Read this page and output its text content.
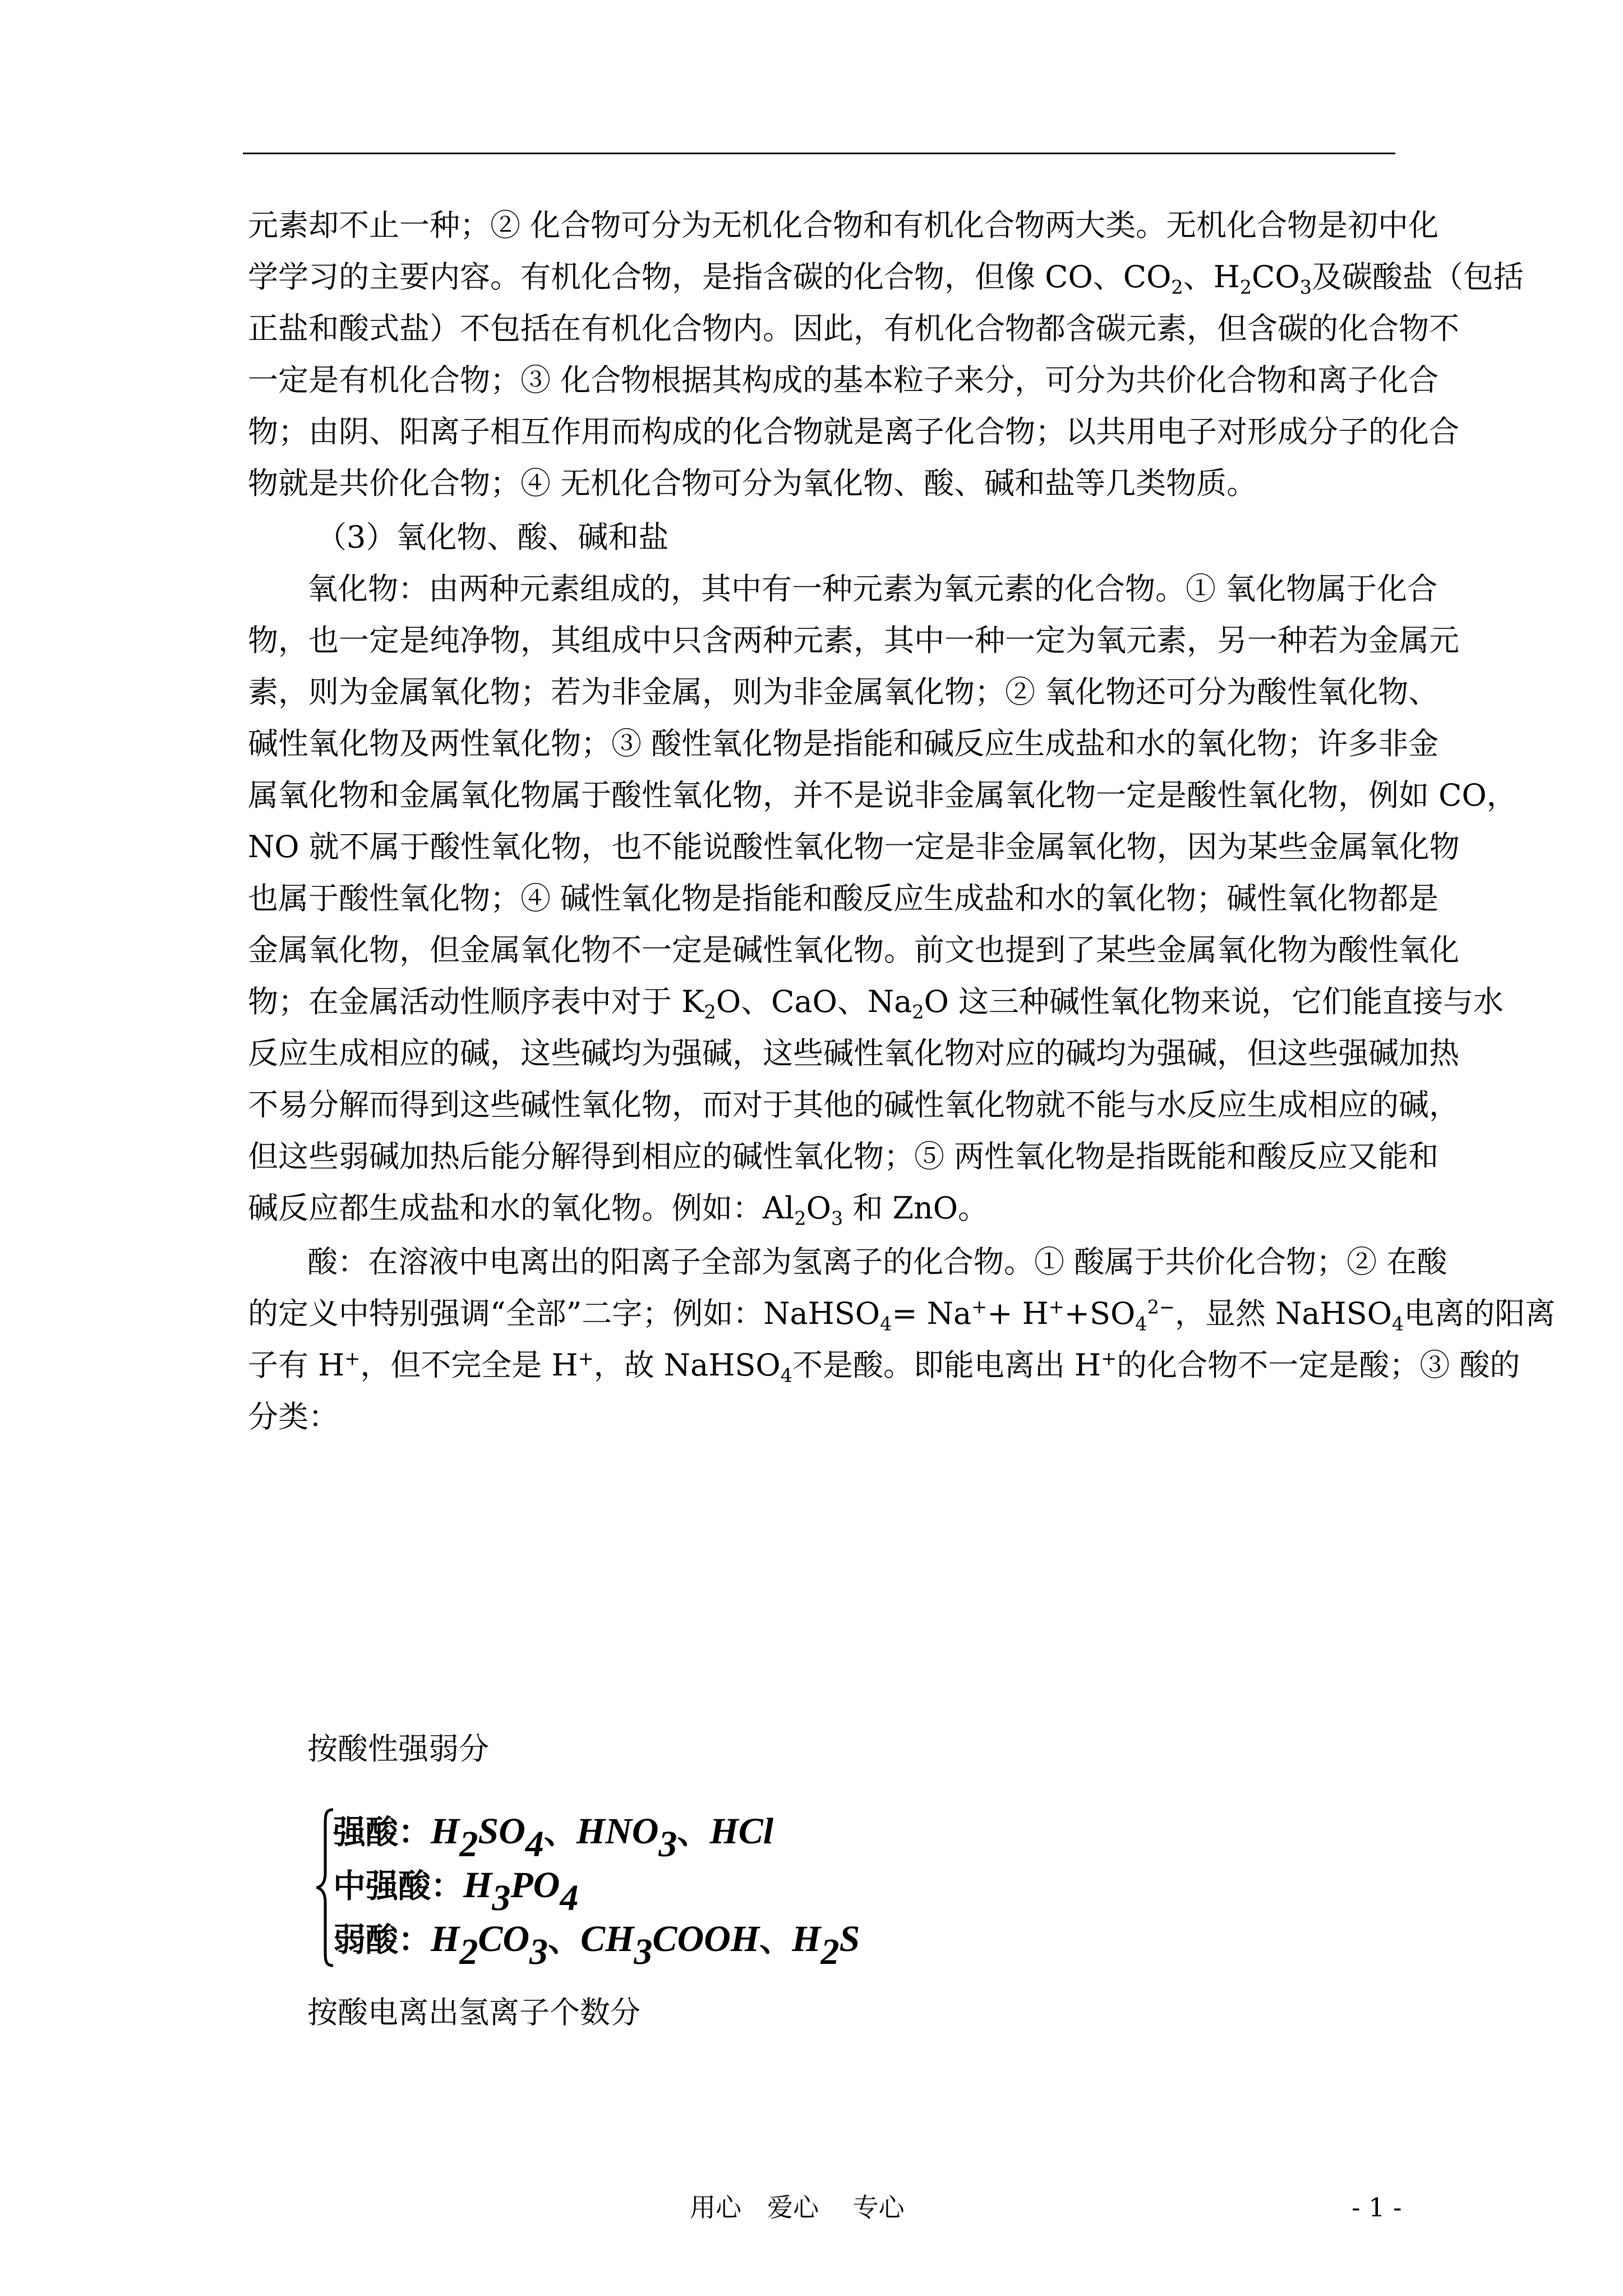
元素却不止一种；② 化合物可分为无机化合物和有机化合物两大类。无机化合物是初中化
学学习的主要内容。有机化合物，是指含碳的化合物，但像 CO、$CO_2$、$H_2CO_3$及碳酸盐（包括
正盐和酸式盐）不包括在有机化合物内。因此，有机化合物都含碳元素，但含碳的化合物不
一定是有机化合物；③ 化合物根据其构成的基本粒子来分，可分为共价化合物和离子化合
物；由阴、阳离子相互作用而构成的化合物就是离子化合物；以共用电子对形成分子的化合
物就是共价化合物；④ 无机化合物可分为氧化物、酸、碱和盐等几类物质。
（3）氧化物、酸、碱和盐
氧化物：由两种元素组成的，其中有一种元素为氧元素的化合物。① 氧化物属于化合
物，也一定是纯净物，其组成中只含两种元素，其中一种一定为氧元素，另一种若为金属元
素，则为金属氧化物；若为非金属，则为非金属氧化物；② 氧化物还可分为酸性氧化物、
碱性氧化物及两性氧化物；③ 酸性氧化物是指能和碱反应生成盐和水的氧化物；许多非金
属氧化物和金属氧化物属于酸性氧化物，并不是说非金属氧化物一定是酸性氧化物，例如 CO，
NO 就不属于酸性氧化物，也不能说酸性氧化物一定是非金属氧化物，因为某些金属氧化物
也属于酸性氧化物；④ 碱性氧化物是指能和酸反应生成盐和水的氧化物；碱性氧化物都是
金属氧化物，但金属氧化物不一定是碱性氧化物。前文也提到了某些金属氧化物为酸性氧化
物；在金属活动性顺序表中对于 $K_2O$、CaO、$Na_2O$ 这三种碱性氧化物来说，它们能直接与水
反应生成相应的碱，这些碱均为强碱，这些碱性氧化物对应的碱均为强碱，但这些强碱加热
不易分解而得到这些碱性氧化物，而对于其他的碱性氧化物就不能与水反应生成相应的碱，
但这些弱碱加热后能分解得到相应的碱性氧化物；⑤ 两性氧化物是指既能和酸反应又能和
碱反应都生成盐和水的氧化物。例如：$Al_2O_3$ 和 ZnO。
酸：在溶液中电离出的阳离子全部为氢离子的化合物。① 酸属于共价化合物；② 在酸
的定义中特别强调“全部”二字；例如：NaHSO$_4$= $Na^++ H^++SO_4^{2-}$，显然 NaHSO$_4$电离的阳离
子有 H+，但不完全是 H+，故 NaHSO$_4$不是酸。即能电离出 H+的化合物不一定是酸；③ 酸的
分类：
按酸性强弱分
强酸：$H_2SO_4$、$HNO_3$、HCl
中强酸：$H_3PO_4$
弱酸：$H_2CO_3$、$CH_3COOH$、$H_2S$
按酸电离出氢离子个数分
用心　爱心　 专心	- 1 -
